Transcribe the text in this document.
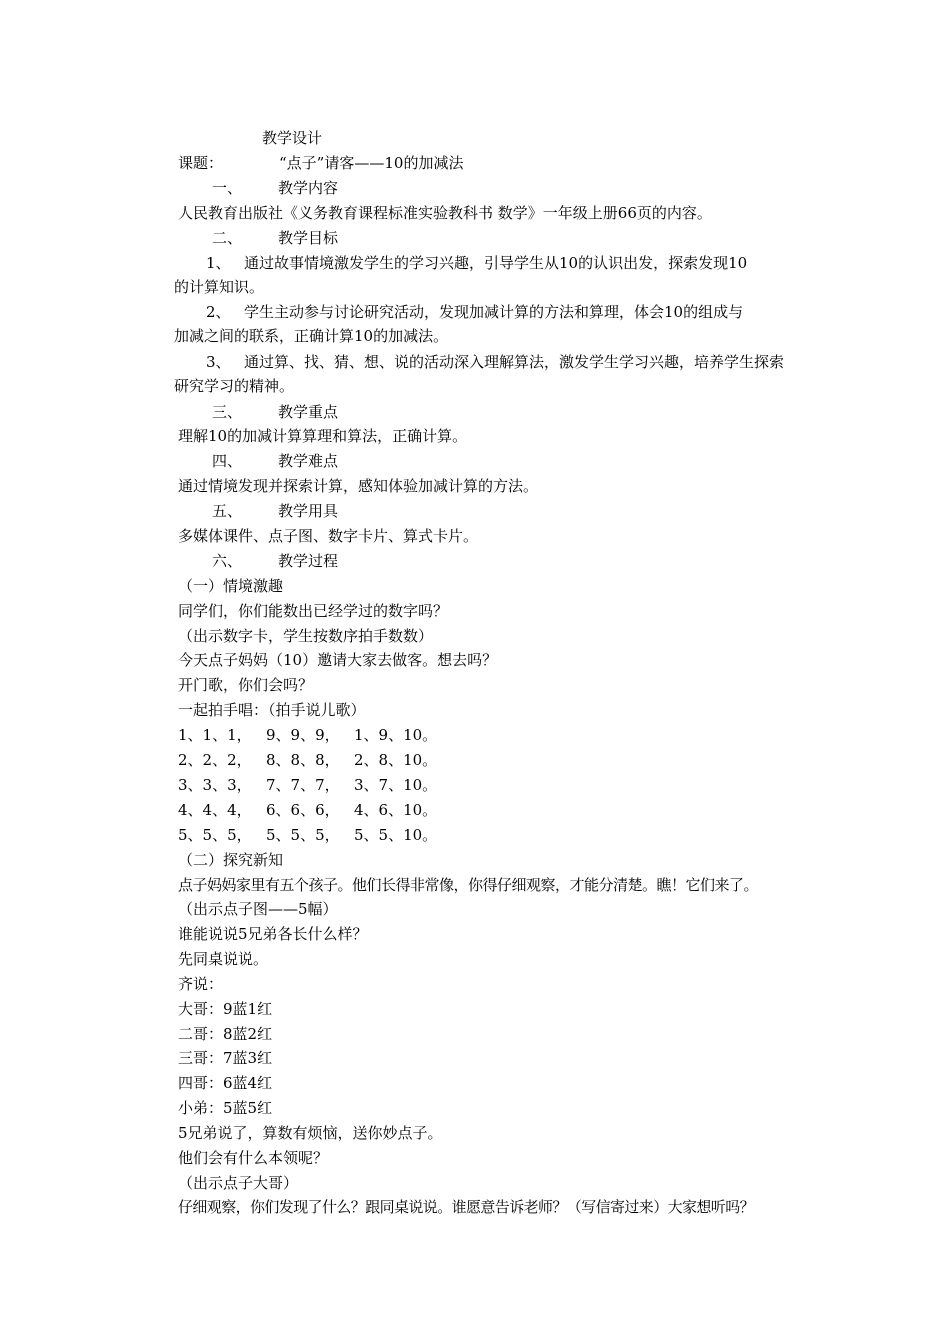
教学设计
课题：	“点子”请客——10的加减法
一、 教学内容
人民教育出版社《义务教育课程标准实验教科书 数学》一年级上册66页的内容。
二、 教学目标
1、 通过故事情境激发学生的学习兴趣，引导学生从10的认识出发，探索发现10
的计算知识。
2、 学生主动参与讨论研究活动，发现加减计算的方法和算理，体会10的组成与
加减之间的联系，正确计算10的加减法。
3、 通过算、找、猜、想、说的活动深入理解算法，激发学生学习兴趣，培养学生探索
研究学习的精神。
三、 教学重点
理解10的加减计算算理和算法，正确计算。
四、 教学难点
通过情境发现并探索计算，感知体验加减计算的方法。
五、 教学用具
多媒体课件、点子图、数字卡片、算式卡片。
六、 教学过程
（一）情境激趣
同学们，你们能数出已经学过的数字吗？
（出示数字卡，学生按数序拍手数数）
今天点子妈妈（10）邀请大家去做客。想去吗？
开门歌，你们会吗？
一起拍手唱：（拍手说儿歌）
1、1、1， 9、9、9， 1、9、10。
2、2、2， 8、8、8， 2、8、10。
3、3、3， 7、7、7， 3、7、10。
4、4、4， 6、6、6， 4、6、10。
5、5、5， 5、5、5， 5、5、10。
（二）探究新知
点子妈妈家里有五个孩子。他们长得非常像，你得仔细观察，才能分清楚。瞧！它们来了。
（出示点子图——5幅）
谁能说说5兄弟各长什么样？
先同桌说说。
齐说：
大哥：9蓝1红
二哥：8蓝2红
三哥：7蓝3红
四哥：6蓝4红
小弟：5蓝5红
5兄弟说了，算数有烦恼，送你妙点子。
他们会有什么本领呢？
（出示点子大哥）
仔细观察，你们发现了什么？跟同桌说说。谁愿意告诉老师？（写信寄过来）大家想听吗？
